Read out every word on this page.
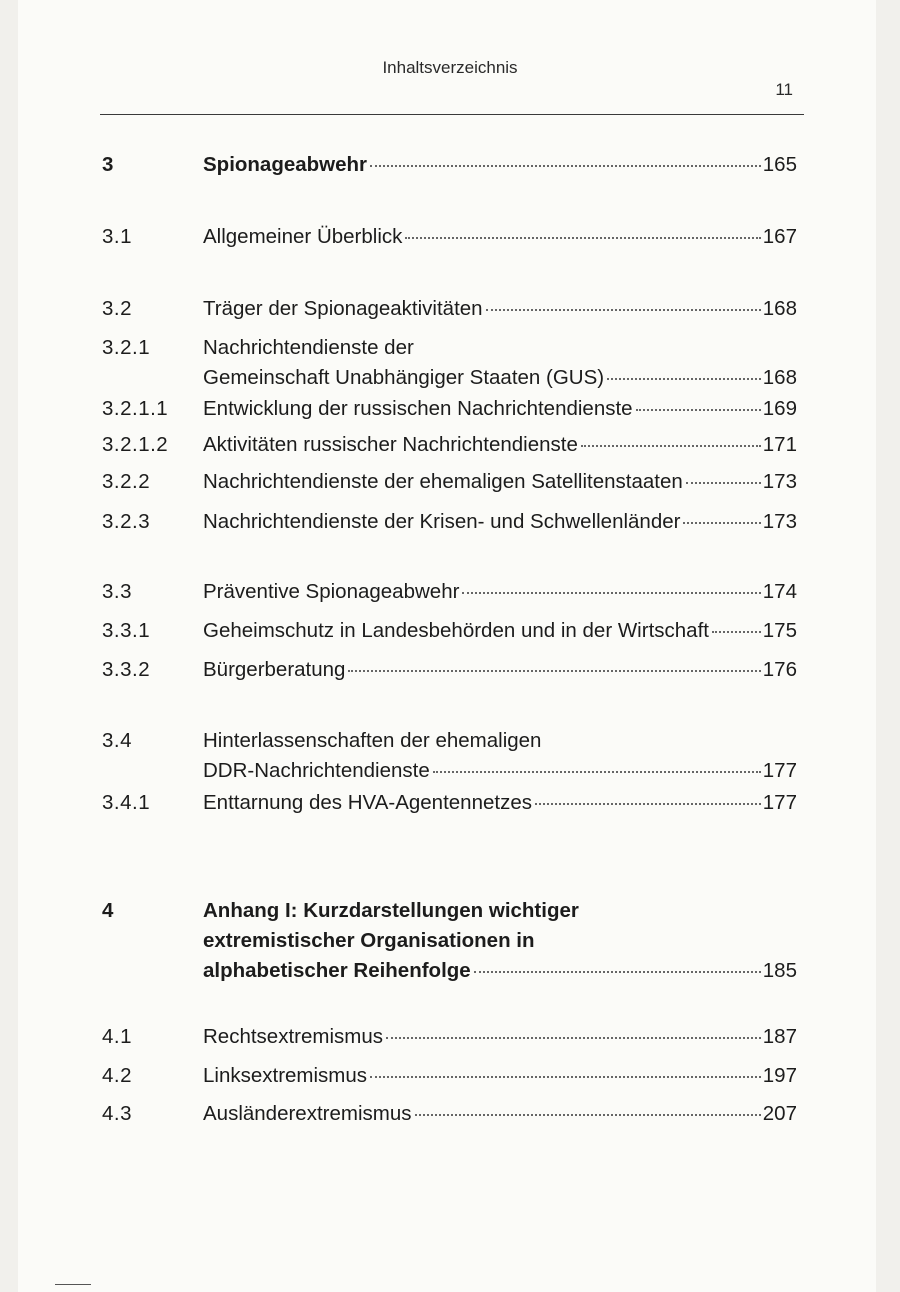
Inhaltsverzeichnis
11
3	Spionageabwehr	165
3.1	Allgemeiner Überblick	167
3.2	Träger der Spionageaktivitäten	168
3.2.1	Nachrichtendienste der
Gemeinschaft Unabhängiger Staaten (GUS)	168
3.2.1.1 Entwicklung der russischen Nachrichtendienste	169
3.2.1.2 Aktivitäten russischer Nachrichtendienste	171
3.2.2	Nachrichtendienste der ehemaligen Satellitenstaaten	173
3.2.3	Nachrichtendienste der Krisen- und Schwellenländer	173
3.3	Präventive Spionageabwehr	174
3.3.1	Geheimschutz in Landesbehörden und in der Wirtschaft	175
3.3.2	Bürgerberatung	176
3.4	Hinterlassenschaften der ehemaligen
DDR-Nachrichtendienste	177
3.4.1	Enttarnung des HVA-Agentennetzes	177
4	Anhang I: Kurzdarstellungen wichtiger
extremistischer Organisationen in
alphabetischer Reihenfolge	185
4.1	Rechtsextremismus	187
4.2	Linksextremismus	197
4.3	Ausländerextremismus	207
